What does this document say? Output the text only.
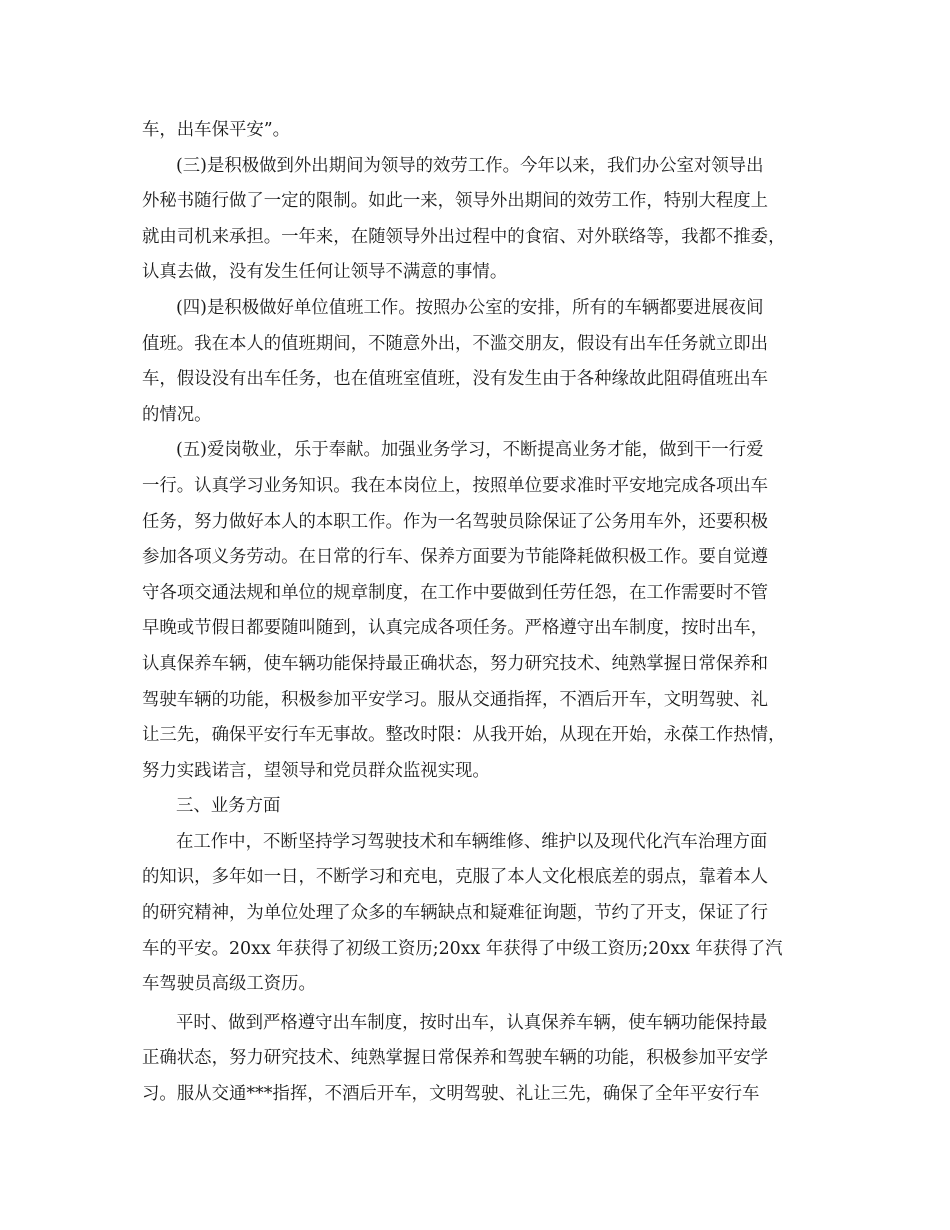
车，出车保平安”。
(三)是积极做到外出期间为领导的效劳工作。今年以来，我们办公室对领导出
外秘书随行做了一定的限制。如此一来，领导外出期间的效劳工作，特别大程度上
就由司机来承担。一年来，在随领导外出过程中的食宿、对外联络等，我都不推委，
认真去做，没有发生任何让领导不满意的事情。
(四)是积极做好单位值班工作。按照办公室的安排，所有的车辆都要进展夜间
值班。我在本人的值班期间，不随意外出，不滥交朋友，假设有出车任务就立即出
车，假设没有出车任务，也在值班室值班，没有发生由于各种缘故此阻碍值班出车
的情况。
(五)爱岗敬业，乐于奉献。加强业务学习，不断提高业务才能，做到干一行爱
一行。认真学习业务知识。我在本岗位上，按照单位要求准时平安地完成各项出车
任务，努力做好本人的本职工作。作为一名驾驶员除保证了公务用车外，还要积极
参加各项义务劳动。在日常的行车、保养方面要为节能降耗做积极工作。要自觉遵
守各项交通法规和单位的规章制度，在工作中要做到任劳任怨，在工作需要时不管
早晚或节假日都要随叫随到，认真完成各项任务。严格遵守出车制度，按时出车，
认真保养车辆，使车辆功能保持最正确状态，努力研究技术、纯熟掌握日常保养和
驾驶车辆的功能，积极参加平安学习。服从交通指挥，不酒后开车，文明驾驶、礼
让三先，确保平安行车无事故。整改时限：从我开始，从现在开始，永葆工作热情，
努力实践诺言，望领导和党员群众监视实现。
三、业务方面
在工作中，不断坚持学习驾驶技术和车辆维修、维护以及现代化汽车治理方面
的知识，多年如一日，不断学习和充电，克服了本人文化根底差的弱点，靠着本人
的研究精神，为单位处理了众多的车辆缺点和疑难征询题，节约了开支，保证了行
车的平安。20xx 年获得了初级工资历;20xx 年获得了中级工资历;20xx 年获得了汽
车驾驶员高级工资历。
平时、做到严格遵守出车制度，按时出车，认真保养车辆，使车辆功能保持最
正确状态，努力研究技术、纯熟掌握日常保养和驾驶车辆的功能，积极参加平安学
习。服从交通***指挥，不酒后开车，文明驾驶、礼让三先，确保了全年平安行车
